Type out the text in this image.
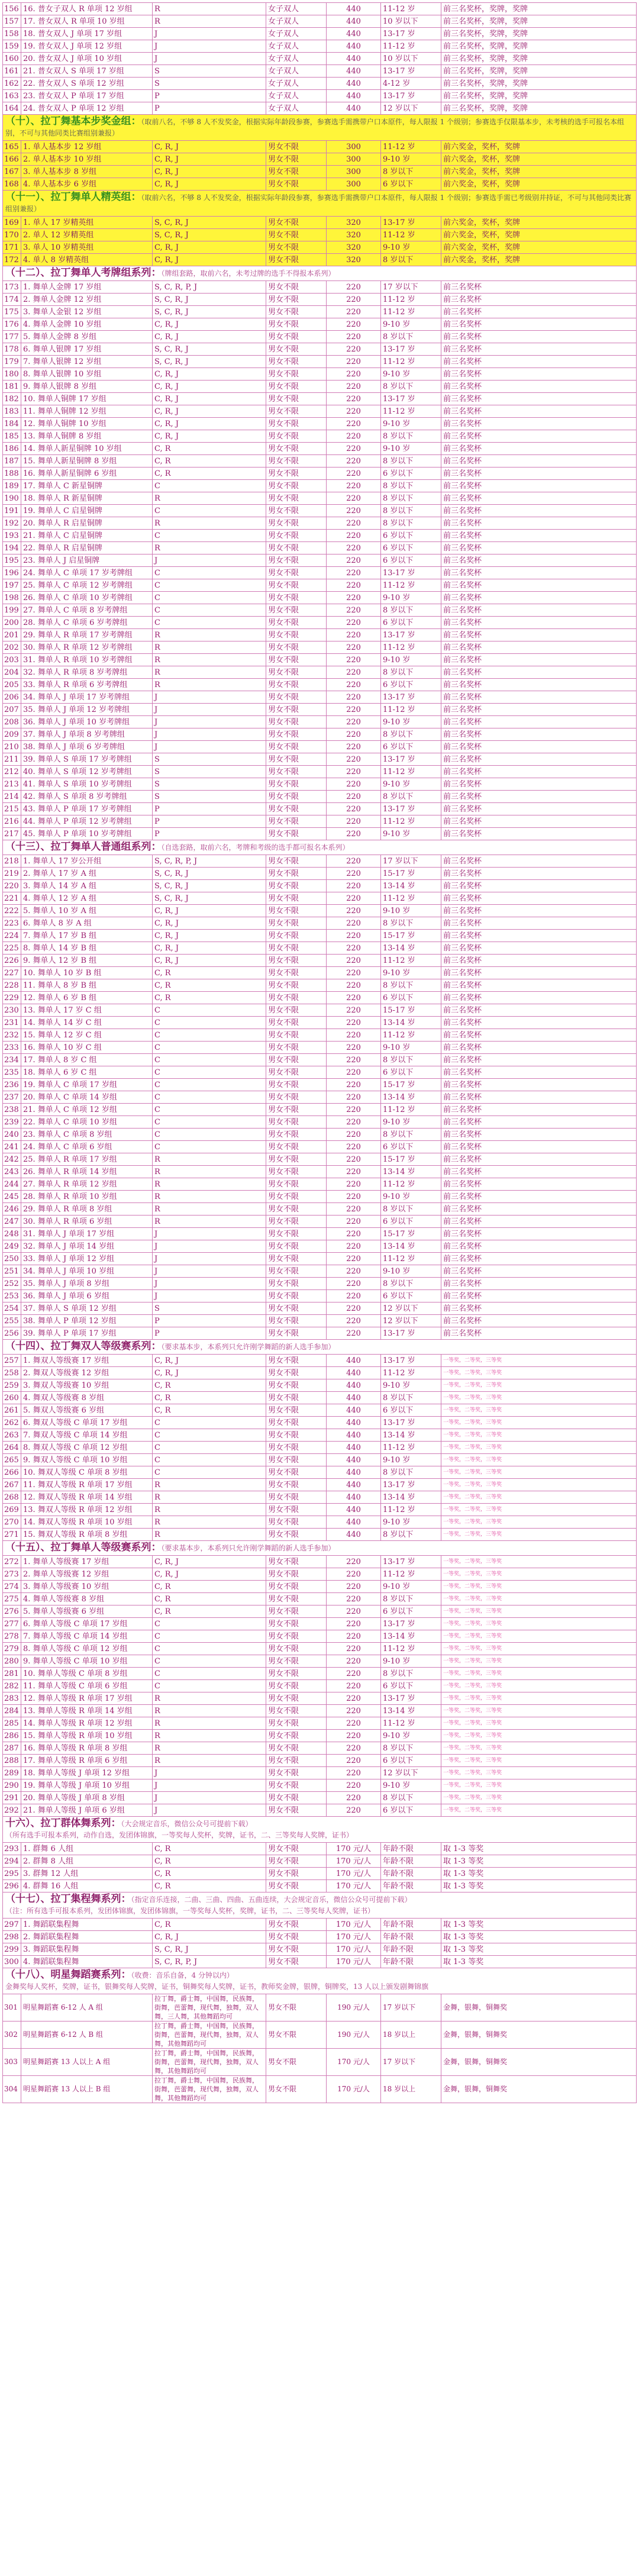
156	16. 普女子双人 R 单项 12 岁组	R	女子双人	440	11-12 岁	前三名奖杯，奖牌，奖牌
157	17. 普女双人 R 单项 10 岁组	R	女子双人	440	10 岁以下	前三名奖杯，奖牌，奖牌
158	18. 普女双人 J 单项 17 岁组	J	女子双人	440	13-17 岁	前三名奖杯，奖牌，奖牌
159	19. 普女双人 J 单项 12 岁组	J	女子双人	440	11-12 岁	前三名奖杯，奖牌，奖牌
160	20. 普女双人 J 单项 10 岁组	J	女子双人	440	10 岁以下	前三名奖杯，奖牌，奖牌
161	21. 普女双人 S 单项 17 岁组	S	女子双人	440	13-17 岁	前三名奖杯，奖牌，奖牌
162	22. 普女双人 S 单项 12 岁组	S	女子双人	440	4-12 岁	前三名奖杯，奖牌，奖牌
163	23. 普女双人 P 单项 17 岁组	P	女子双人	440	13-17 岁	前三名奖杯，奖牌，奖牌
164	24. 普女双人 P 单项 12 岁组	P	女子双人	440	12 岁以下	前三名奖杯，奖牌，奖牌
（十）、拉丁舞基本步奖金组：（取前八名，不够 8 人不发奖金，根据实际年龄段参赛，参赛选手需携带户口本原件，每人限报 1 个级别；参赛选手仅限基本步，未考核的选手可报名本组别，不可与其他同类比赛组别兼报）						
165	1. 单人基本步 12 岁组	C, R, J	男女不限	300	11-12 岁	前六奖金，奖杯，奖牌
166	2. 单人基本步 10 岁组	C, R, J	男女不限	300	9-10 岁	前六奖金，奖杯，奖牌
167	3. 单人基本步 8 岁组	C, R, J	男女不限	300	8 岁以下	前六奖金，奖杯，奖牌
168	4. 单人基本步 6 岁组	C, R, J	男女不限	300	6 岁以下	前六奖金，奖杯，奖牌
（十一）、拉丁舞单人精英组：（取前六名，不够 8 人不发奖金，根据实际年龄段参赛，参赛选手需携带户口本原件，每人限报 1 个级别；参赛选手需已考级别并持证，不可与其他同类比赛组别兼报）						
169	1. 单人 17 岁精英组	S, C, R, J	男女不限	320	13-17 岁	前六奖金，奖杯，奖牌
170	2. 单人 12 岁精英组	S, C, R, J	男女不限	320	11-12 岁	前六奖金，奖杯，奖牌
171	3. 单人 10 岁精英组	C, R, J	男女不限	320	9-10 岁	前六奖金，奖杯，奖牌
172	4. 单人 8 岁精英组	C, R, J	男女不限	320	8 岁以下	前六奖金，奖杯，奖牌
（十二）、拉丁舞单人考牌组系列：（牌组套路，取前六名，未考过牌的选手不得报本系列）						
173	1. 舞单人金牌 17 岁组	S, C, R, P, J	男女不限	220	17 岁以下	前三名奖杯
174	2. 舞单人金牌 12 岁组	S, C, R, J	男女不限	220	11-12 岁	前三名奖杯
175	3. 舞单人金银 12 岁组	S, C, R, J	男女不限	220	11-12 岁	前三名奖杯
176	4. 舞单人金牌 10 岁组	C, R, J	男女不限	220	9-10 岁	前三名奖杯
177	5. 舞单人金牌 8 岁组	C, R, J	男女不限	220	8 岁以下	前三名奖杯
178	6. 舞单人银牌 17 岁组	S, C, R, J	男女不限	220	13-17 岁	前三名奖杯
179	7. 舞单人银牌 12 岁组	S, C, R, J	男女不限	220	11-12 岁	前三名奖杯
180	8. 舞单人银牌 10 岁组	C, R, J	男女不限	220	9-10 岁	前三名奖杯
181	9. 舞单人银牌 8 岁组	C, R, J	男女不限	220	8 岁以下	前三名奖杯
182	10. 舞单人铜牌 17 岁组	C, R, J	男女不限	220	13-17 岁	前三名奖杯
183	11. 舞单人铜牌 12 岁组	C, R, J	男女不限	220	11-12 岁	前三名奖杯
184	12. 舞单人铜牌 10 岁组	C, R, J	男女不限	220	9-10 岁	前三名奖杯
185	13. 舞单人铜牌 8 岁组	C, R, J	男女不限	220	8 岁以下	前三名奖杯
186	14. 舞单人新星铜牌 10 岁组	C, R	男女不限	220	9-10 岁	前三名奖杯
187	15. 舞单人新星铜牌 8 岁组	C, R	男女不限	220	8 岁以下	前三名奖杯
188	16. 舞单人新星铜牌 6 岁组	C, R	男女不限	220	6 岁以下	前三名奖杯
189	17. 舞单人 C 新星铜牌	C	男女不限	220	8 岁以下	前三名奖杯
190	18. 舞单人 R 新星铜牌	R	男女不限	220	8 岁以下	前三名奖杯
191	19. 舞单人 C 启星铜牌	C	男女不限	220	8 岁以下	前三名奖杯
192	20. 舞单人 R 启星铜牌	R	男女不限	220	8 岁以下	前三名奖杯
193	21. 舞单人 C 启星铜牌	C	男女不限	220	6 岁以下	前三名奖杯
194	22. 舞单人 R 启星铜牌	R	男女不限	220	6 岁以下	前三名奖杯
195	23. 舞单人 J 启星铜牌	J	男女不限	220	6 岁以下	前三名奖杯
196	24. 舞单人 C 单项 17 岁考牌组	C	男女不限	220	13-17 岁	前三名奖杯
197	25. 舞单人 C 单项 12 岁考牌组	C	男女不限	220	11-12 岁	前三名奖杯
198	26. 舞单人 C 单项 10 岁考牌组	C	男女不限	220	9-10 岁	前三名奖杯
199	27. 舞单人 C 单项 8 岁考牌组	C	男女不限	220	8 岁以下	前三名奖杯
200	28. 舞单人 C 单项 6 岁考牌组	C	男女不限	220	6 岁以下	前三名奖杯
201	29. 舞单人 R 单项 17 岁考牌组	R	男女不限	220	13-17 岁	前三名奖杯
202	30. 舞单人 R 单项 12 岁考牌组	R	男女不限	220	11-12 岁	前三名奖杯
203	31. 舞单人 R 单项 10 岁考牌组	R	男女不限	220	9-10 岁	前三名奖杯
204	32. 舞单人 R 单项 8 岁考牌组	R	男女不限	220	8 岁以下	前三名奖杯
205	33. 舞单人 R 单项 6 岁考牌组	R	男女不限	220	6 岁以下	前三名奖杯
206	34. 舞单人 J 单项 17 岁考牌组	J	男女不限	220	13-17 岁	前三名奖杯
207	35. 舞单人 J 单项 12 岁考牌组	J	男女不限	220	11-12 岁	前三名奖杯
208	36. 舞单人 J 单项 10 岁考牌组	J	男女不限	220	9-10 岁	前三名奖杯
209	37. 舞单人 J 单项 8 岁考牌组	J	男女不限	220	8 岁以下	前三名奖杯
210	38. 舞单人 J 单项 6 岁考牌组	J	男女不限	220	6 岁以下	前三名奖杯
211	39. 舞单人 S 单项 17 岁考牌组	S	男女不限	220	13-17 岁	前三名奖杯
212	40. 舞单人 S 单项 12 岁考牌组	S	男女不限	220	11-12 岁	前三名奖杯
213	41. 舞单人 S 单项 10 岁考牌组	S	男女不限	220	9-10 岁	前三名奖杯
214	42. 舞单人 S 单项 8 岁考牌组	S	男女不限	220	8 岁以下	前三名奖杯
215	43. 舞单人 P 单项 17 岁考牌组	P	男女不限	220	13-17 岁	前三名奖杯
216	44. 舞单人 P 单项 12 岁考牌组	P	男女不限	220	11-12 岁	前三名奖杯
217	45. 舞单人 P 单项 10 岁考牌组	P	男女不限	220	9-10 岁	前三名奖杯
（十三）、拉丁舞单人普通组系列：（自选套路，取前六名，考牌和考级的选手都可报名本系列）						
218	1. 舞单人 17 岁公开组	S, C, R, P, J	男女不限	220	17 岁以下	前三名奖杯
219	2. 舞单人 17 岁 A 组	S, C, R, J	男女不限	220	15-17 岁	前三名奖杯
220	3. 舞单人 14 岁 A 组	S, C, R, J	男女不限	220	13-14 岁	前三名奖杯
221	4. 舞单人 12 岁 A 组	S, C, R, J	男女不限	220	11-12 岁	前三名奖杯
222	5. 舞单人 10 岁 A 组	C, R, J	男女不限	220	9-10 岁	前三名奖杯
223	6. 舞单人 8 岁 A 组	C, R, J	男女不限	220	8 岁以下	前三名奖杯
224	7. 舞单人 17 岁 B 组	C, R, J	男女不限	220	15-17 岁	前三名奖杯
225	8. 舞单人 14 岁 B 组	C, R, J	男女不限	220	13-14 岁	前三名奖杯
226	9. 舞单人 12 岁 B 组	C, R, J	男女不限	220	11-12 岁	前三名奖杯
227	10. 舞单人 10 岁 B 组	C, R	男女不限	220	9-10 岁	前三名奖杯
228	11. 舞单人 8 岁 B 组	C, R	男女不限	220	8 岁以下	前三名奖杯
229	12. 舞单人 6 岁 B 组	C, R	男女不限	220	6 岁以下	前三名奖杯
230	13. 舞单人 17 岁 C 组	C	男女不限	220	15-17 岁	前三名奖杯
231	14. 舞单人 14 岁 C 组	C	男女不限	220	13-14 岁	前三名奖杯
232	15. 舞单人 12 岁 C 组	C	男女不限	220	11-12 岁	前三名奖杯
233	16. 舞单人 10 岁 C 组	C	男女不限	220	9-10 岁	前三名奖杯
234	17. 舞单人 8 岁 C 组	C	男女不限	220	8 岁以下	前三名奖杯
235	18. 舞单人 6 岁 C 组	C	男女不限	220	6 岁以下	前三名奖杯
236	19. 舞单人 C 单项 17 岁组	C	男女不限	220	15-17 岁	前三名奖杯
237	20. 舞单人 C 单项 14 岁组	C	男女不限	220	13-14 岁	前三名奖杯
238	21. 舞单人 C 单项 12 岁组	C	男女不限	220	11-12 岁	前三名奖杯
239	22. 舞单人 C 单项 10 岁组	C	男女不限	220	9-10 岁	前三名奖杯
240	23. 舞单人 C 单项 8 岁组	C	男女不限	220	8 岁以下	前三名奖杯
241	24. 舞单人 C 单项 6 岁组	C	男女不限	220	6 岁以下	前三名奖杯
242	25. 舞单人 R 单项 17 岁组	R	男女不限	220	15-17 岁	前三名奖杯
243	26. 舞单人 R 单项 14 岁组	R	男女不限	220	13-14 岁	前三名奖杯
244	27. 舞单人 R 单项 12 岁组	R	男女不限	220	11-12 岁	前三名奖杯
245	28. 舞单人 R 单项 10 岁组	R	男女不限	220	9-10 岁	前三名奖杯
246	29. 舞单人 R 单项 8 岁组	R	男女不限	220	8 岁以下	前三名奖杯
247	30. 舞单人 R 单项 6 岁组	R	男女不限	220	6 岁以下	前三名奖杯
248	31. 舞单人 J 单项 17 岁组	J	男女不限	220	15-17 岁	前三名奖杯
249	32. 舞单人 J 单项 14 岁组	J	男女不限	220	13-14 岁	前三名奖杯
250	33. 舞单人 J 单项 12 岁组	J	男女不限	220	11-12 岁	前三名奖杯
251	34. 舞单人 J 单项 10 岁组	J	男女不限	220	9-10 岁	前三名奖杯
252	35. 舞单人 J 单项 8 岁组	J	男女不限	220	8 岁以下	前三名奖杯
253	36. 舞单人 J 单项 6 岁组	J	男女不限	220	6 岁以下	前三名奖杯
254	37. 舞单人 S 单项 12 岁组	S	男女不限	220	12 岁以下	前三名奖杯
255	38. 舞单人 P 单项 12 岁组	P	男女不限	220	12 岁以下	前三名奖杯
256	39. 舞单人 P 单项 17 岁组	P	男女不限	220	13-17 岁	前三名奖杯
（十四）、拉丁舞双人等级赛系列：（要求基本步，本系列只允许刚学舞蹈的新人选手参加）						
257	1. 舞双人等级赛 17 岁组	C, R, J	男女不限	440	13-17 岁	一等奖，二等奖，三等奖
258	2. 舞双人等级赛 12 岁组	C, R, J	男女不限	440	11-12 岁	一等奖，二等奖，三等奖
259	3. 舞双人等级赛 10 岁组	C, R	男女不限	440	9-10 岁	一等奖，二等奖，三等奖
260	4. 舞双人等级赛 8 岁组	C, R	男女不限	440	8 岁以下	一等奖，二等奖，三等奖
261	5. 舞双人等级赛 6 岁组	C, R	男女不限	440	6 岁以下	一等奖，二等奖，三等奖
262	6. 舞双人等级 C 单项 17 岁组	C	男女不限	440	13-17 岁	一等奖，二等奖，三等奖
263	7. 舞双人等级 C 单项 14 岁组	C	男女不限	440	13-14 岁	一等奖，二等奖，三等奖
264	8. 舞双人等级 C 单项 12 岁组	C	男女不限	440	11-12 岁	一等奖，二等奖，三等奖
265	9. 舞双人等级 C 单项 10 岁组	C	男女不限	440	9-10 岁	一等奖，二等奖，三等奖
266	10. 舞双人等级 C 单项 8 岁组	C	男女不限	440	8 岁以下	一等奖，二等奖，三等奖
267	11. 舞双人等级 R 单项 17 岁组	R	男女不限	440	13-17 岁	一等奖，二等奖，三等奖
268	12. 舞双人等级 R 单项 14 岁组	R	男女不限	440	13-14 岁	一等奖，二等奖，三等奖
269	13. 舞双人等级 R 单项 12 岁组	R	男女不限	440	11-12 岁	一等奖，二等奖，三等奖
270	14. 舞双人等级 R 单项 10 岁组	R	男女不限	440	9-10 岁	一等奖，二等奖，三等奖
271	15. 舞双人等级 R 单项 8 岁组	R	男女不限	440	8 岁以下	一等奖，二等奖，三等奖
（十五）、拉丁舞单人等级赛系列：（要求基本步，本系列只允许刚学舞蹈的新人选手参加）						
272	1. 舞单人等级赛 17 岁组	C, R, J	男女不限	220	13-17 岁	一等奖，二等奖，三等奖
273	2. 舞单人等级赛 12 岁组	C, R, J	男女不限	220	11-12 岁	一等奖，二等奖，三等奖
274	3. 舞单人等级赛 10 岁组	C, R	男女不限	220	9-10 岁	一等奖，二等奖，三等奖
275	4. 舞单人等级赛 8 岁组	C, R	男女不限	220	8 岁以下	一等奖，二等奖，三等奖
276	5. 舞单人等级赛 6 岁组	C, R	男女不限	220	6 岁以下	一等奖，二等奖，三等奖
277	6. 舞单人等级 C 单项 17 岁组	C	男女不限	220	13-17 岁	一等奖，二等奖，三等奖
278	7. 舞单人等级 C 单项 14 岁组	C	男女不限	220	13-14 岁	一等奖，二等奖，三等奖
279	8. 舞单人等级 C 单项 12 岁组	C	男女不限	220	11-12 岁	一等奖，二等奖，三等奖
280	9. 舞单人等级 C 单项 10 岁组	C	男女不限	220	9-10 岁	一等奖，二等奖，三等奖
281	10. 舞单人等级 C 单项 8 岁组	C	男女不限	220	8 岁以下	一等奖，二等奖，三等奖
282	11. 舞单人等级 C 单项 6 岁组	C	男女不限	220	6 岁以下	一等奖，二等奖，三等奖
283	12. 舞单人等级 R 单项 17 岁组	R	男女不限	220	13-17 岁	一等奖，二等奖，三等奖
284	13. 舞单人等级 R 单项 14 岁组	R	男女不限	220	13-14 岁	一等奖，二等奖，三等奖
285	14. 舞单人等级 R 单项 12 岁组	R	男女不限	220	11-12 岁	一等奖，二等奖，三等奖
286	15. 舞单人等级 R 单项 10 岁组	R	男女不限	220	9-10 岁	一等奖，二等奖，三等奖
287	16. 舞单人等级 R 单项 8 岁组	R	男女不限	220	8 岁以下	一等奖，二等奖，三等奖
288	17. 舞单人等级 R 单项 6 岁组	R	男女不限	220	6 岁以下	一等奖，二等奖，三等奖
289	18. 舞单人等级 J 单项 12 岁组	J	男女不限	220	12 岁以下	一等奖，二等奖，三等奖
290	19. 舞单人等级 J 单项 10 岁组	J	男女不限	220	9-10 岁	一等奖，二等奖，三等奖
291	20. 舞单人等级 J 单项 8 岁组	J	男女不限	220	8 岁以下	一等奖，二等奖，三等奖
292	21. 舞单人等级 J 单项 6 岁组	J	男女不限	220	6 岁以下	一等奖，二等奖，三等奖
十六）、拉丁群体舞系列：（大会规定音乐，微信公众号可提前下载）
（所有选手可报本系列，动作自选，发团体锦旗，一等奖每人奖杯，奖牌，证书，二、三等奖每人奖牌，证书）						
293	1. 群舞 6 人组	C, R	男女不限	170 元/人	年龄不限	取 1-3 等奖
294	2. 群舞 8 人组	C, R	男女不限	170 元/人	年龄不限	取 1-3 等奖
295	3. 群舞 12 人组	C, R	男女不限	170 元/人	年龄不限	取 1-3 等奖
296	4. 群舞 16 人组	C, R	男女不限	170 元/人	年龄不限	取 1-3 等奖
（十七）、拉丁集程舞系列：（指定音乐连接，二曲、三曲、四曲、五曲连续，大会规定音乐，微信公众号可提前下载）
（注：所有选手可报本系列，发团体锦旗，发团体锦旗，一等奖每人奖杯，奖牌，证书，二、三等奖每人奖牌，证书）						
297	1. 舞蹈联集程舞	C, R	男女不限	170 元/人	年龄不限	取 1-3 等奖
298	2. 舞蹈联集程舞	C, R, J	男女不限	170 元/人	年龄不限	取 1-3 等奖
299	3. 舞蹈联集程舞	S, C, R, J	男女不限	170 元/人	年龄不限	取 1-3 等奖
300	4. 舞蹈联集程舞	S, C, R, P, J	男女不限	170 元/人	年龄不限	取 1-3 等奖
（十八）、明星舞蹈赛系列：（收费：音乐自备，4 分钟以内）
金舞奖每人奖杯，奖牌，证书，银舞奖每人奖牌，证书，铜舞奖每人奖牌，证书，教师奖金牌，银牌，铜牌奖，13 人以上颁发剧舞锦旗						
301	明星舞蹈赛 6-12 人 A 组	拉丁舞，爵士舞，中国舞，民族舞，街舞，芭蕾舞，现代舞，独舞，双人舞，三人舞，其他舞蹈均可	男女不限	190 元/人	17 岁以下	金舞，银舞，铜舞奖
302	明星舞蹈赛 6-12 人 B 组	拉丁舞，爵士舞，中国舞，民族舞，街舞，芭蕾舞，现代舞，独舞，双人舞，其他舞蹈均可	男女不限	190 元/人	18 岁以上	金舞，银舞，铜舞奖
303	明星舞蹈赛 13 人以上 A 组	拉丁舞，爵士舞，中国舞，民族舞，街舞，芭蕾舞，现代舞，独舞，双人舞，其他舞蹈均可	男女不限	170 元/人	17 岁以下	金舞，银舞，铜舞奖
304	明星舞蹈赛 13 人以上 B 组	拉丁舞，爵士舞，中国舞，民族舞，街舞，芭蕾舞，现代舞，独舞，双人舞，其他舞蹈均可	男女不限	170 元/人	18 岁以上	金舞，银舞，铜舞奖
